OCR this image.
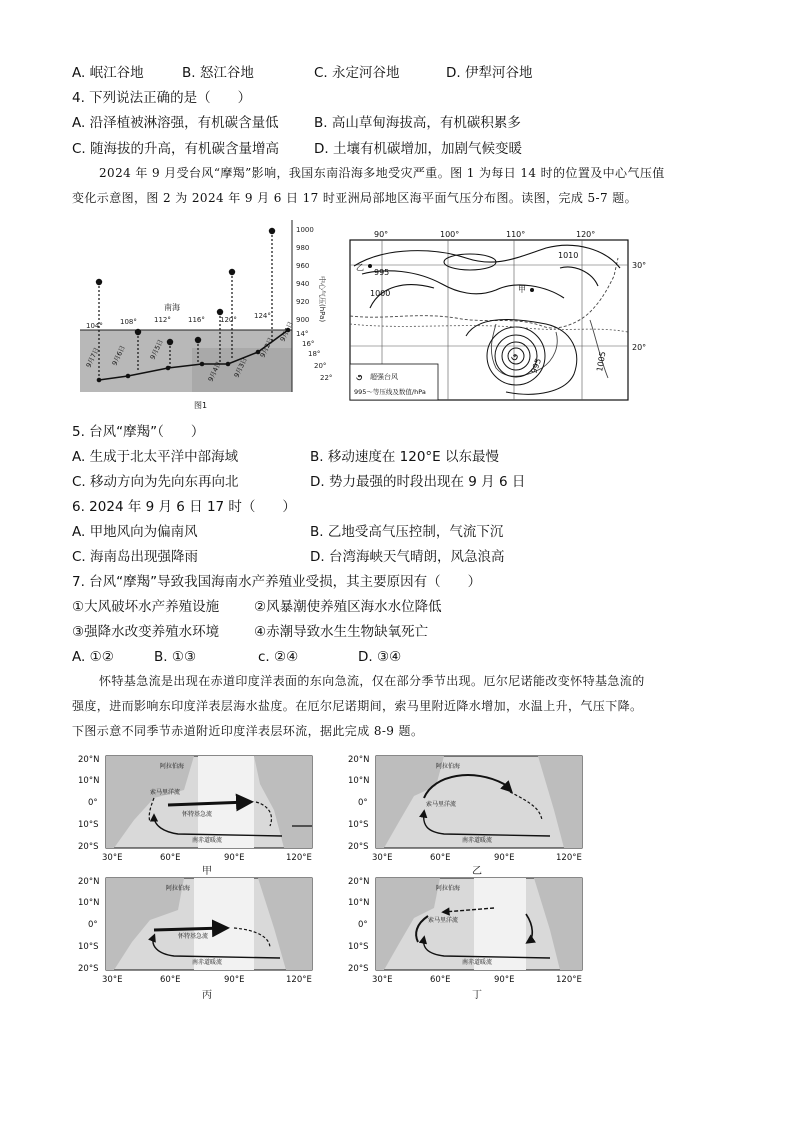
A. 岷江谷地	B. 怒江谷地	C. 永定河谷地	D. 伊犁河谷地
4. 下列说法正确的是（　　）
A. 沿泽植被淋溶强，有机碳含量低	B. 高山草甸海拔高，有机碳积累多
C. 随海拔的升高，有机碳含量增高	D. 土壤有机碳增加，加剧气候变暖
2024 年 9 月受台风“摩羯”影响，我国东南沿海多地受灾严重。图 1 为每日 14 时的位置及中心气压值
变化示意图，图 2 为 2024 年 9 月 6 日 17 时亚洲局部地区海平面气压分布图。读图，完成 5-7 题。
1000
980
960
940
920
900 中心气压(hPa)
104° 108° 112° 116° 120° 124°
14°
16°
18°
20°
22°
南海
9月7日 9月6日	9月5日
9月4日 9月3日
9月2日
9月1日
图1
90°	100°	110°	120°
30°
20°
૭
1010
995
1000
995	1005
乙
甲
૭ 超强台风
995～等压线及数值/hPa
5. 台风“摩羯”（　　）
A. 生成于北太平洋中部海域	B. 移动速度在 120°E 以东最慢
C. 移动方向为先向东再向北	D. 势力最强的时段出现在 9 月 6 日
6. 2024 年 9 月 6 日 17 时（　　）
A. 甲地风向为偏南风	B. 乙地受高气压控制，气流下沉
C. 海南岛出现强降雨	D. 台湾海峡天气晴朗，风急浪高
7. 台风“摩羯”导致我国海南水产养殖业受损，其主要原因有（　　）
①大风破坏水产养殖设施	②风暴潮使养殖区海水水位降低
③强降水改变养殖水环境	④赤潮导致水生生物缺氧死亡
A. ①②	B. ①③	c. ②④	D. ③④
怀特基急流是出现在赤道印度洋表面的东向急流，仅在部分季节出现。厄尔尼诺能改变怀特基急流的
强度，进而影响东印度洋表层海水盐度。在厄尔尼诺期间，索马里附近降水增加，水温上升，气压下降。
下图示意不同季节赤道附近印度洋表层环流，据此完成 8-9 题。
20°N
10°N
0°
10°S
20°S
30°E	60°E	90°E	120°E
阿拉伯海
索马里洋流
怀特基急流
南赤道暖流
甲
20°N
10°N
0°
10°S
20°S
30°E	60°E	90°E	120°E
阿拉伯海
索马里洋流
南赤道暖流
乙
20°N
10°N
0°
10°S
20°S
30°E	60°E	90°E	120°E
阿拉伯海
怀特基急流
南赤道暖流
丙
20°N
10°N
0°
10°S
20°S
30°E	60°E	90°E	120°E
阿拉伯海
索马里洋流
南赤道暖流
丁
